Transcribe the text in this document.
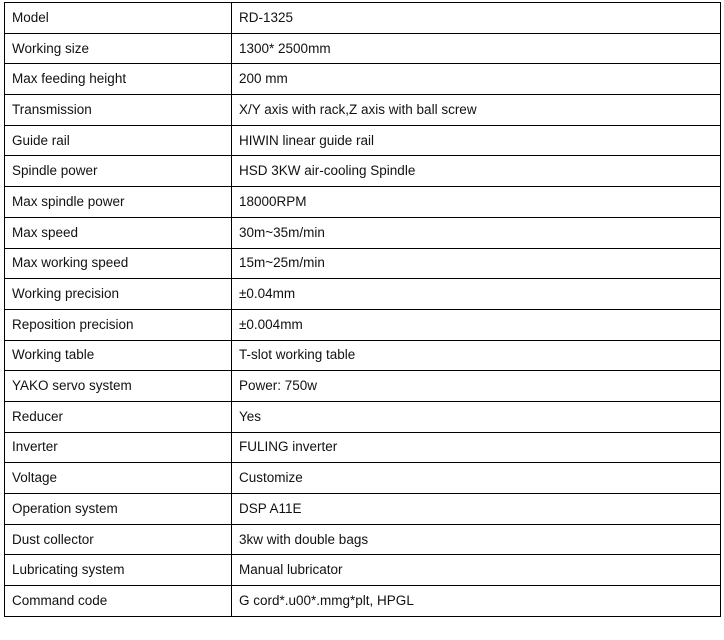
Model	RD-1325
Working size	1300* 2500mm
Max feeding height	200 mm
Transmission	X/Y axis with rack,Z axis with ball screw
Guide rail	HIWIN linear guide rail
Spindle power	HSD 3KW air-cooling Spindle
Max spindle power	18000RPM
Max speed	30m~35m/min
Max working speed	15m~25m/min
Working precision	±0.04mm
Reposition precision	±0.004mm
Working table	T-slot working table
YAKO servo system	Power: 750w
Reducer	Yes
Inverter	FULING inverter
Voltage	Customize
Operation system	DSP A11E
Dust collector	3kw with double bags
Lubricating system	Manual lubricator
Command code	G cord*.u00*.mmg*plt, HPGL
